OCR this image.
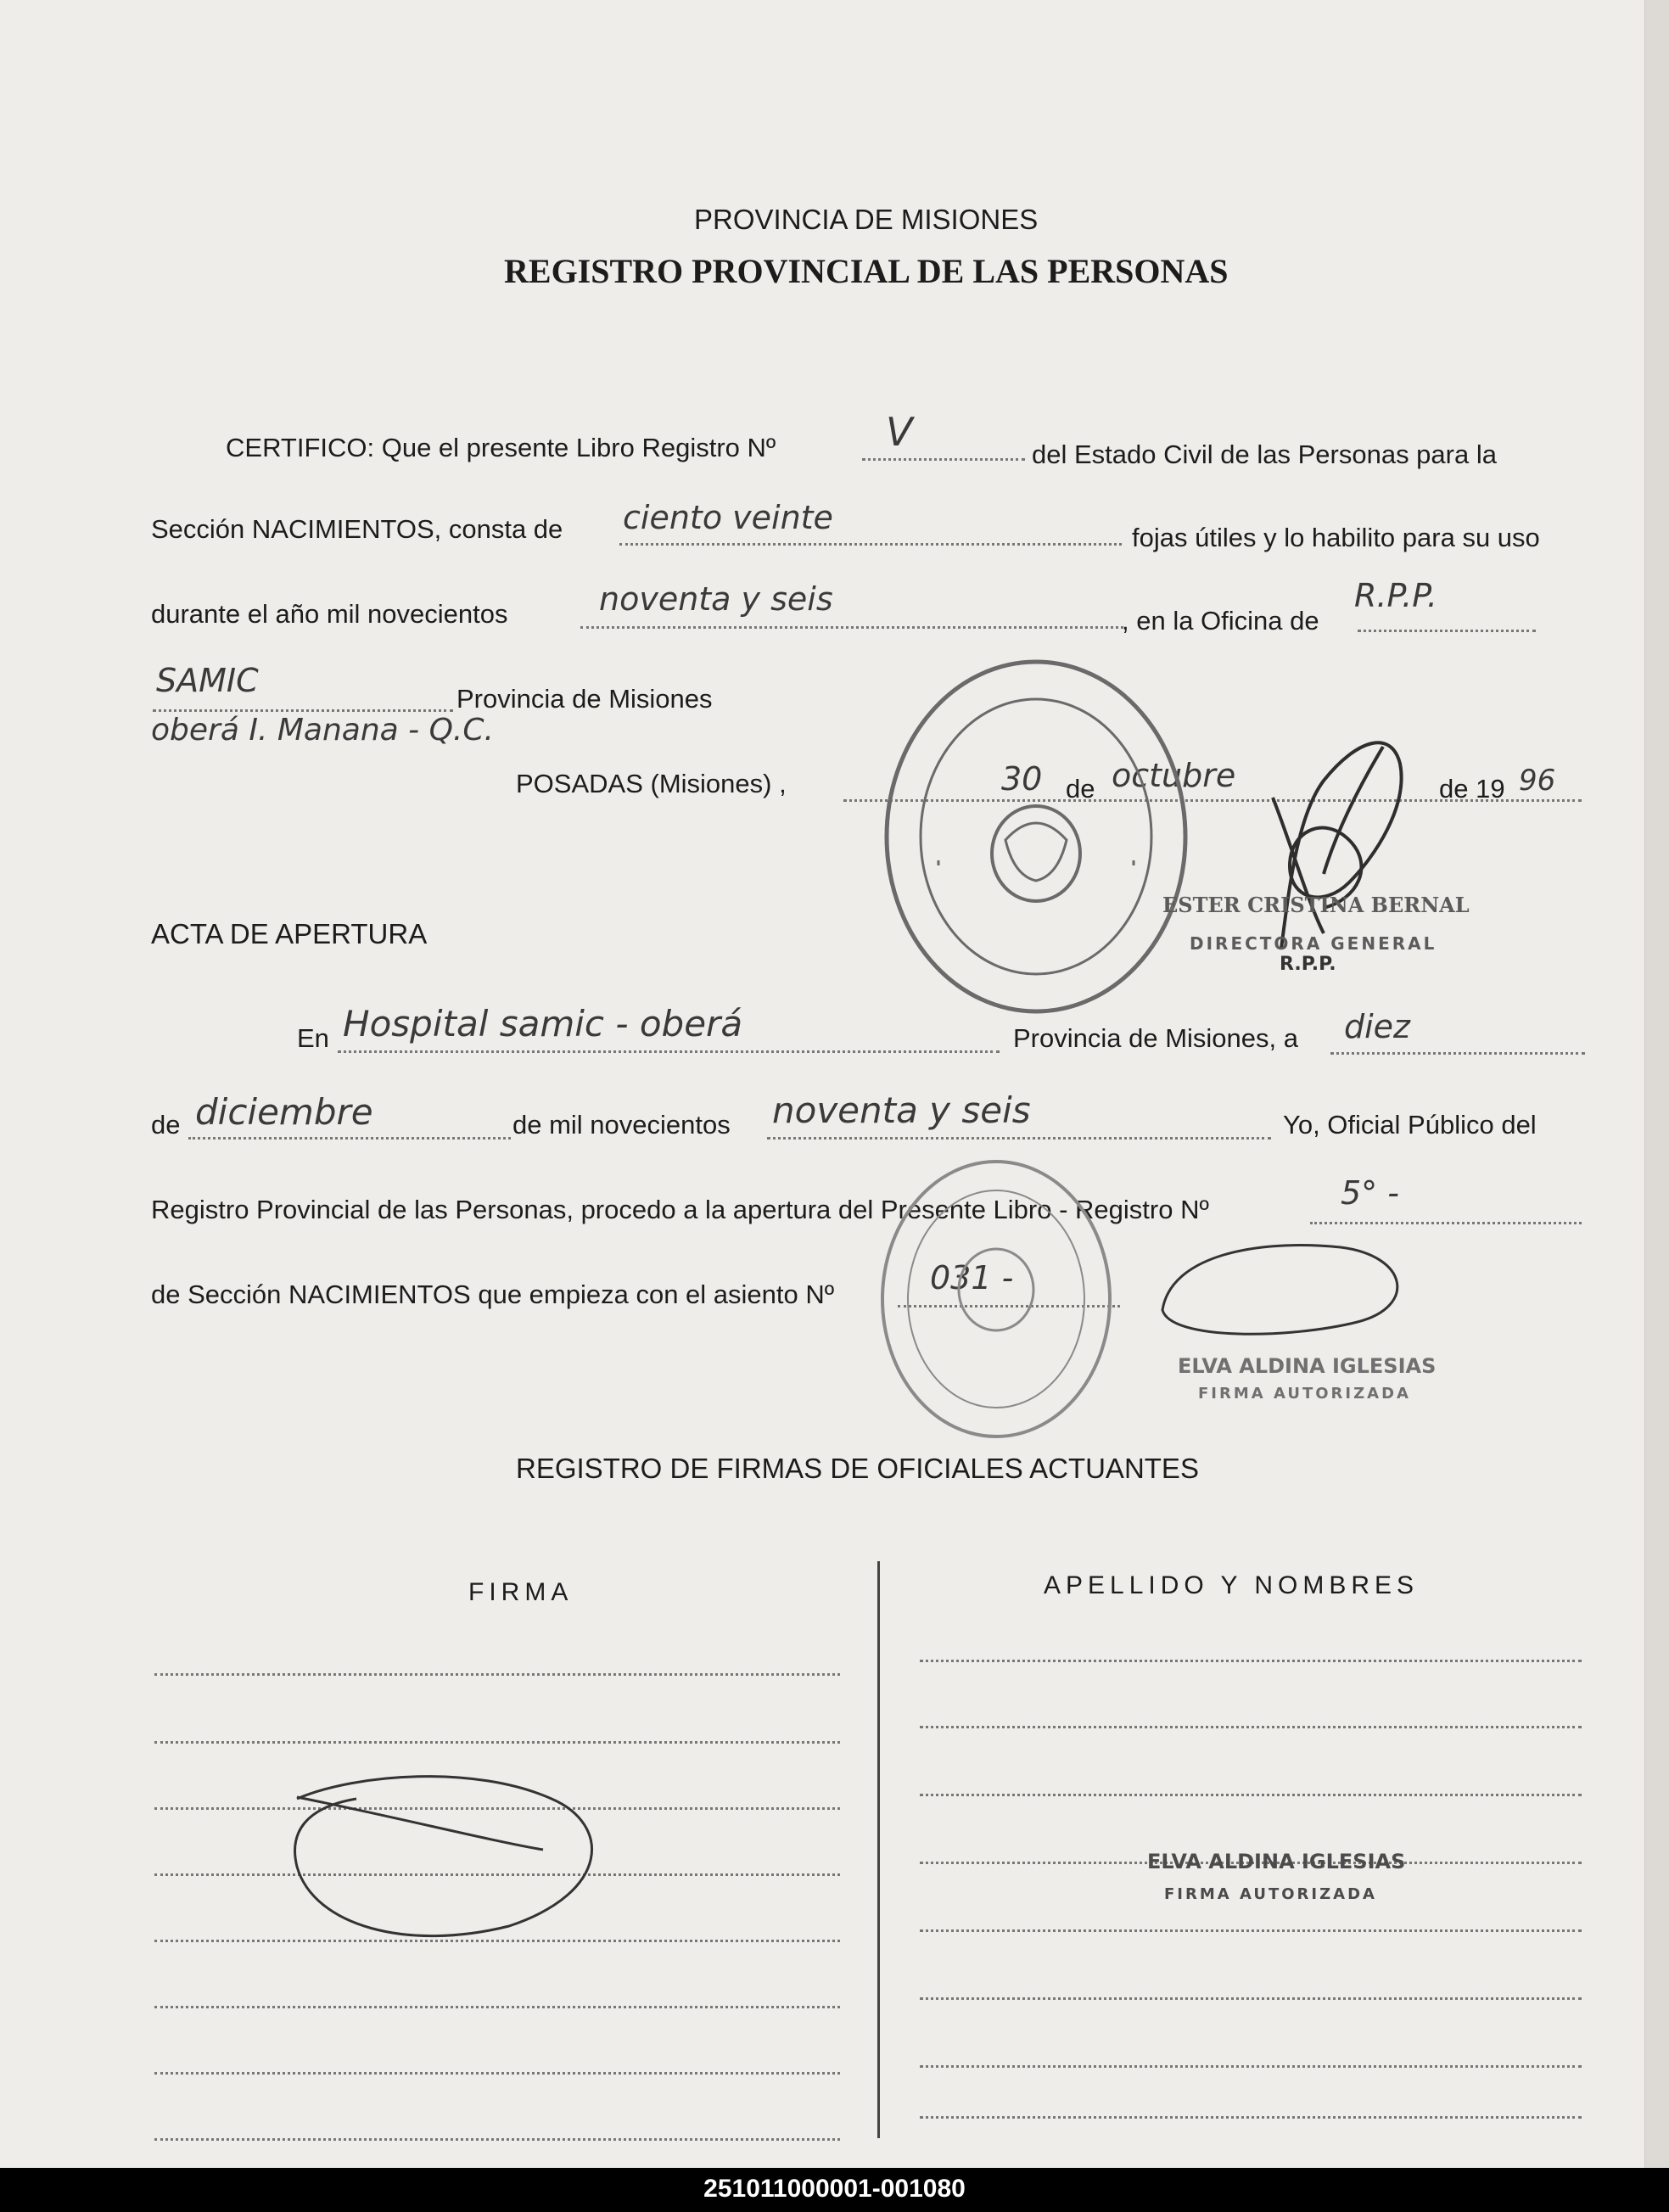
PROVINCIA DE MISIONES
REGISTRO PROVINCIAL DE LAS PERSONAS
CERTIFICO: Que el presente Libro Registro Nº	V	del Estado Civil de las Personas para la
Sección NACIMIENTOS, consta de ciento veinte
fojas útiles y lo habilito para su uso
durante el año mil novecientos	noventa y seis
, en la Oficina de
R.P.P.
SAMIC	Provincia de Misiones
oberá I. Manana - Q.C.
POSADAS (Misiones) ,	30 de octubre	de 19 96
ACTA DE APERTURA
En Hospital samic - oberá	Provincia de Misiones, a diez
de diciembre	de mil novecientos noventa y seis	Yo, Oficial Público del
Registro Provincial de las Personas, procedo a la apertura del Presente Libro - Registro Nº	5° -
de Sección NACIMIENTOS que empieza con el asiento Nº	031 -
REGISTRO DE FIRMAS DE OFICIALES ACTUANTES
FIRMA	APELLIDO Y NOMBRES
ESTER CRISTINA BERNAL
DIRECTORA GENERAL
R.P.P.
ELVA ALDINA IGLESIAS
FIRMA AUTORIZADA
ELVA ALDINA IGLESIAS
FIRMA AUTORIZADA
251011000001-001080
